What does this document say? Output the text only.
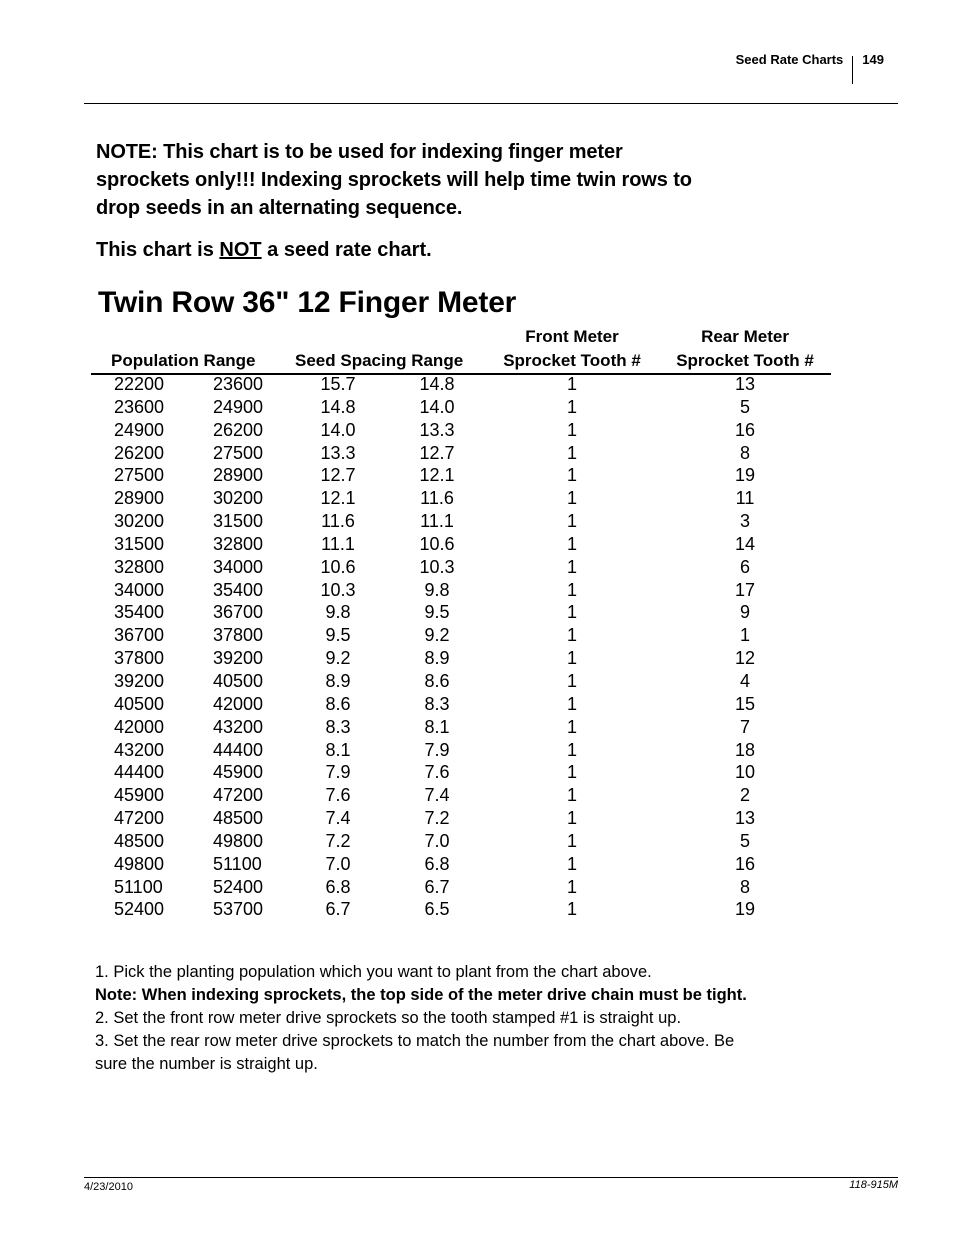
Seed Rate Charts 149
NOTE: This chart is to be used for indexing finger meter
sprockets only!!! Indexing sprockets will help time twin rows to
drop seeds in an alternating sequence.
This chart is NOT a seed rate chart.
Twin Row 36" 12 Finger Meter
Population Range Seed Spacing Range
Front Meter
Sprocket Tooth #
Rear Meter
Sprocket Tooth #
22200	23600	15.7	14.8	1	13
23600	24900	14.8	14.0	1	5
24900	26200	14.0	13.3	1	16
26200	27500	13.3	12.7	1	8
27500	28900	12.7	12.1	1	19
28900	30200	12.1	11.6	1	11
30200	31500	11.6	11.1	1	3
31500	32800	11.1	10.6	1	14
32800	34000	10.6	10.3	1	6
34000	35400	10.3	9.8	1	17
35400	36700	9.8	9.5	1	9
36700	37800	9.5	9.2	1	1
37800	39200	9.2	8.9	1	12
39200	40500	8.9	8.6	1	4
40500	42000	8.6	8.3	1	15
42000	43200	8.3	8.1	1	7
43200	44400	8.1	7.9	1	18
44400	45900	7.9	7.6	1	10
45900	47200	7.6	7.4	1	2
47200	48500	7.4	7.2	1	13
48500	49800	7.2	7.0	1	5
49800	51100	7.0	6.8	1	16
51100	52400	6.8	6.7	1	8
52400	53700	6.7	6.5	1	19

1. Pick the planting population which you want to plant from the chart above.

Note: When indexing sprockets, the top side of the meter drive chain must be tight.

2. Set the front row meter drive sprockets so the tooth stamped #1 is straight up.

3. Set the rear row meter drive sprockets to match the number from the chart above. Be

sure the number is straight up.

4/23/2010	118-915M
